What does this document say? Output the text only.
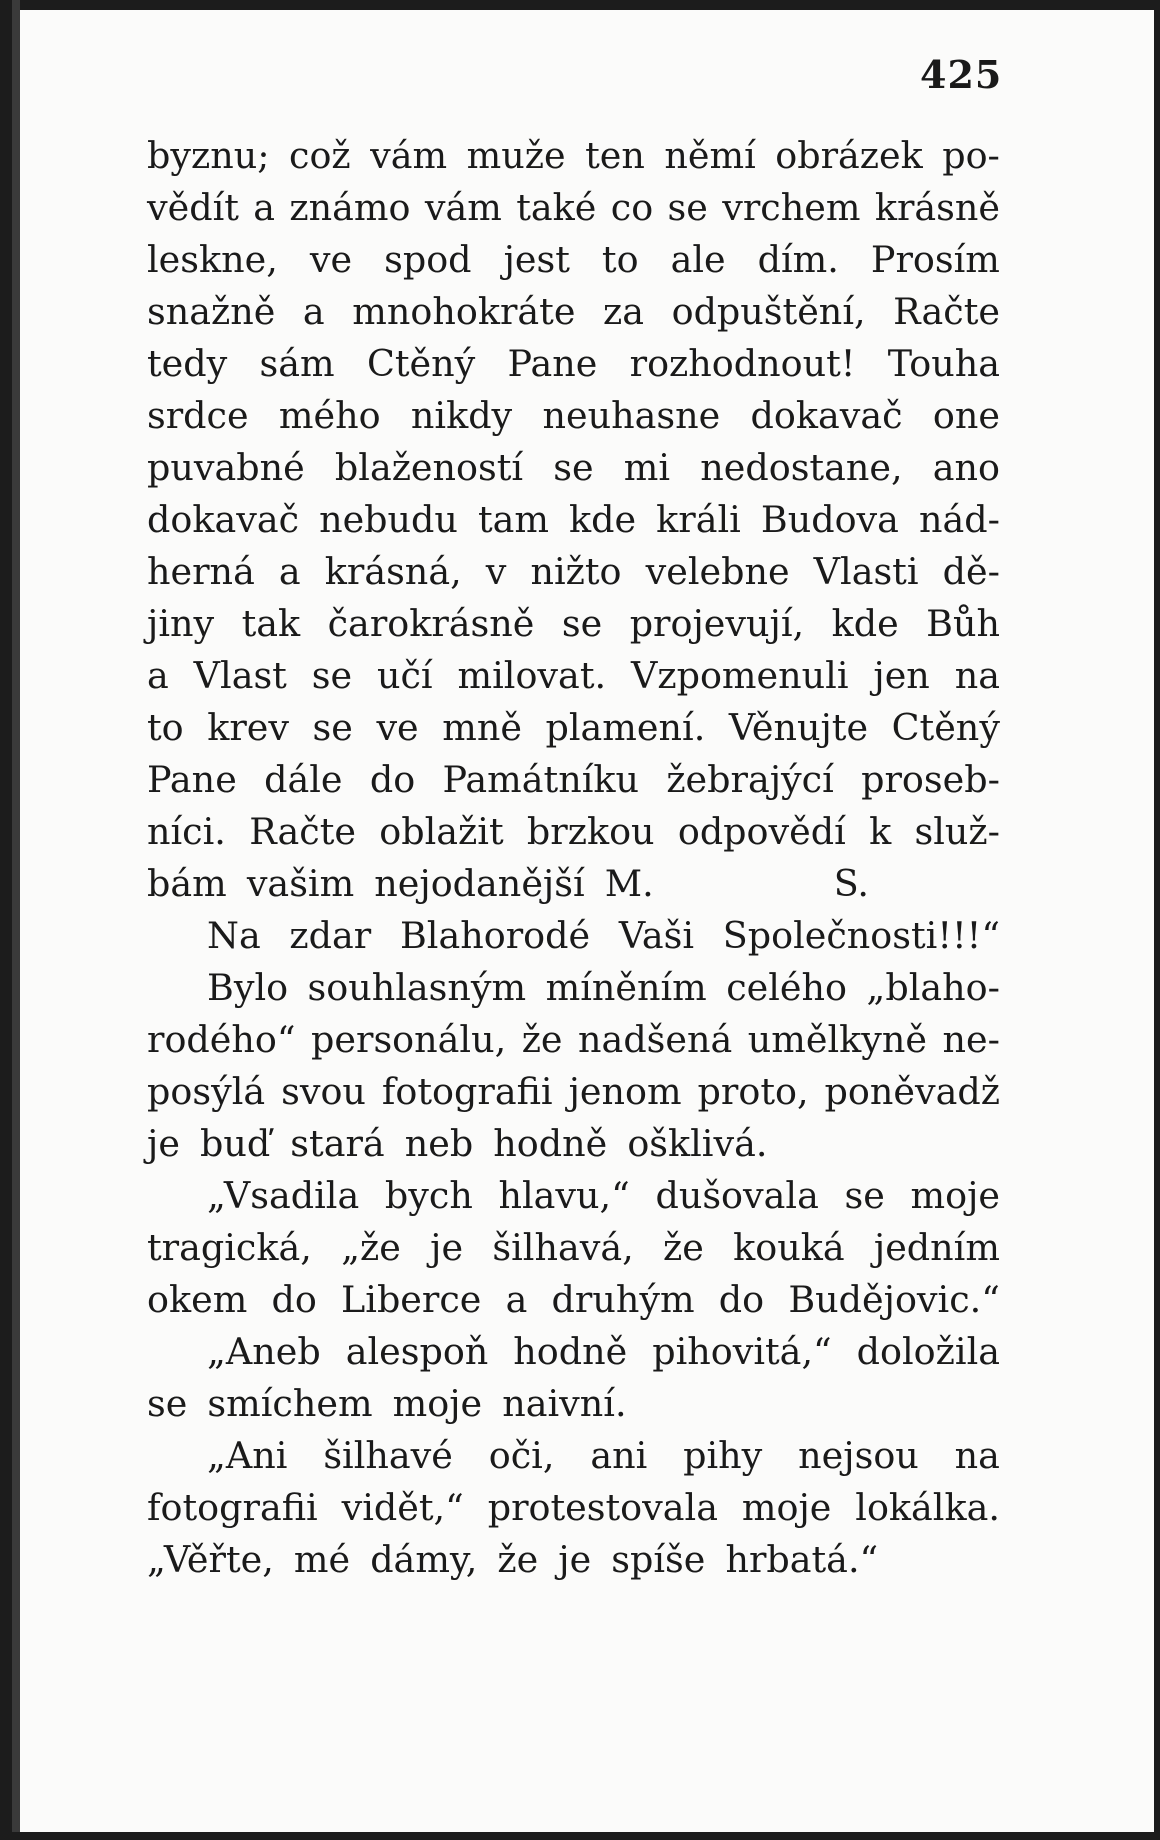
425
byznu; což vám muže ten němí obrázek po-
vědít a známo vám také co se vrchem krásně
leskne, ve spod jest to ale dím. Prosím
snažně a mnohokráte za odpuštění, Račte
tedy sám Ctěný Pane rozhodnout! Touha
srdce mého nikdy neuhasne dokavač one
puvabné blažeností se mi nedostane, ano
dokavač nebudu tam kde králi Budova nád-
herná a krásná, v nižto velebne Vlasti dě-
jiny tak čarokrásně se projevují, kde Bůh
a Vlast se učí milovat. Vzpomenuli jen na
to krev se ve mně plamení. Věnujte Ctěný
Pane dále do Památníku žebrajýcí proseb-
níci. Račte oblažit brzkou odpovědí k služ-
bám vašim nejodanější M.	S.
Na zdar Blahorodé Vaši Společnosti!!!“
Bylo souhlasným míněním celého „blaho-
rodého“ personálu, že nadšená umělkyně ne-
posýlá svou fotografii jenom proto, poněvadž
je buď stará neb hodně ošklivá.
„Vsadila bych hlavu,“ dušovala se moje
tragická, „že je šilhavá, že kouká jedním
okem do Liberce a druhým do Budějovic.“
„Aneb alespoň hodně pihovitá,“ doložila
se smíchem moje naivní.
„Ani šilhavé oči, ani pihy nejsou na
fotografii vidět,“ protestovala moje lokálka.
„Věřte, mé dámy, že je spíše hrbatá.“
